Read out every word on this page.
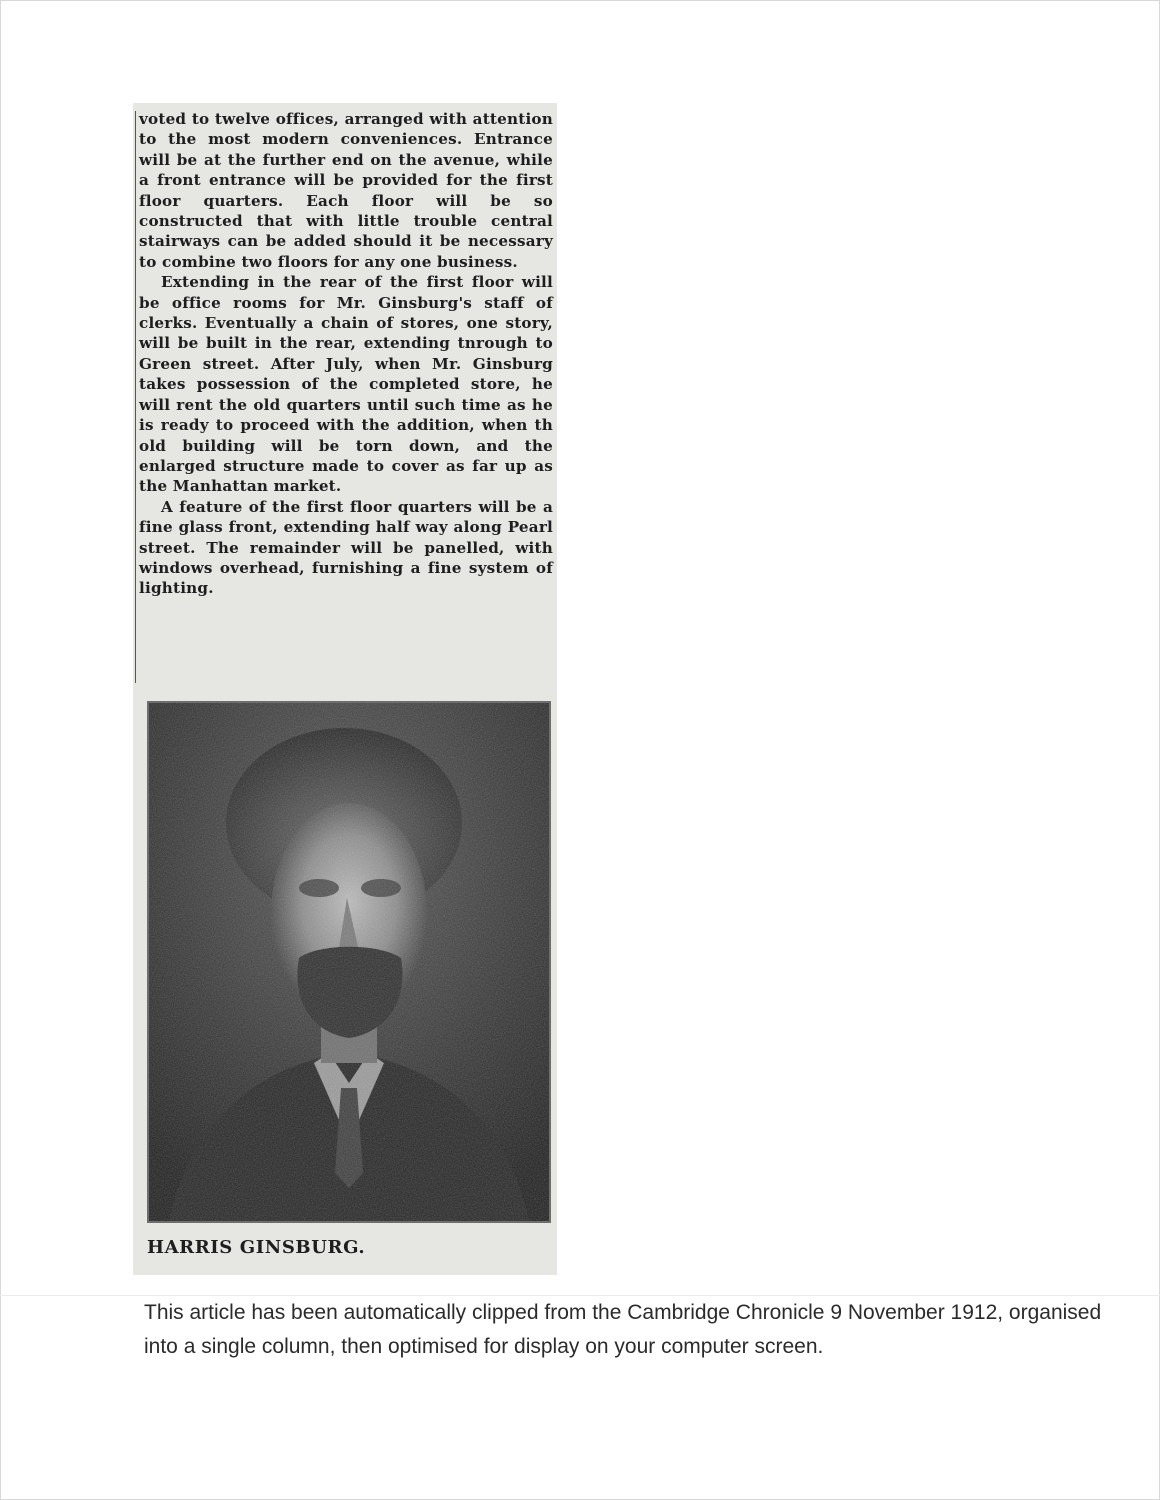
voted to twelve offices, arranged with attention to the most modern conveniences. Entrance will be at the further end on the avenue, while a front entrance will be provided for the first floor quarters. Each floor will be so constructed that with little trouble central stairways can be added should it be necessary to combine two floors for any one business.

Extending in the rear of the first floor will be office rooms for Mr. Ginsburg's staff of clerks. Eventually a chain of stores, one story, will be built in the rear, extending tnrough to Green street. After July, when Mr. Ginsburg takes possession of the completed store, he will rent the old quarters until such time as he is ready to proceed with the addition, when th old building will be torn down, and the enlarged structure made to cover as far up as the Manhattan market.

A feature of the first floor quarters will be a fine glass front, extending half way along Pearl street. The remainder will be panelled, with windows overhead, furnishing a fine system of lighting.

HARRIS GINSBURG.
This article has been automatically clipped from the Cambridge Chronicle 9 November 1912, organised into a single column, then optimised for display on your computer screen.
